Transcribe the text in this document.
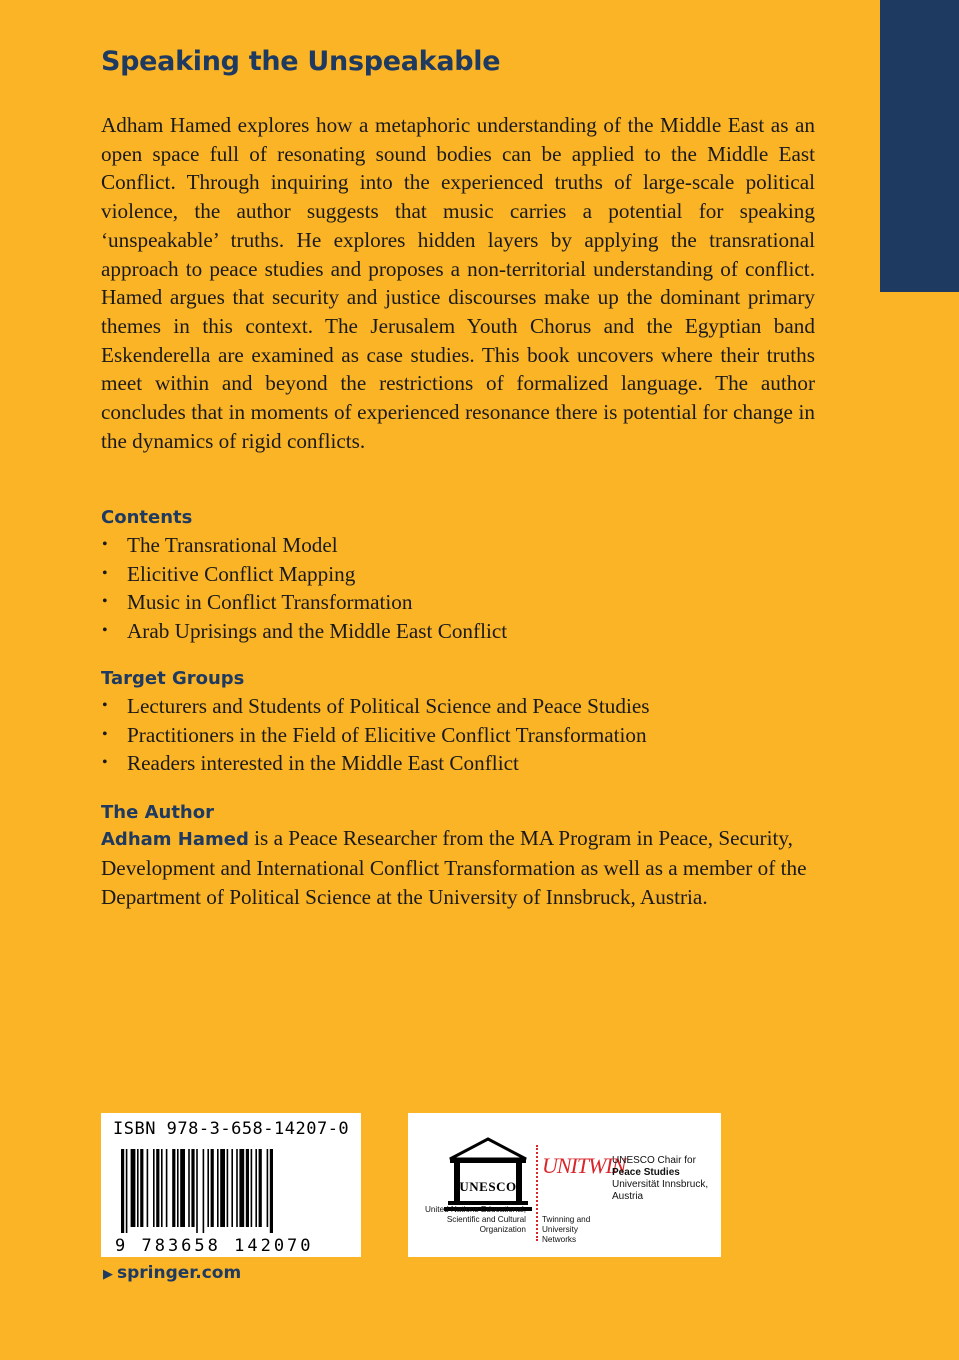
Speaking the Unspeakable

Adham Hamed explores how a metaphoric understanding of the Middle East as an open space full of resonating sound bodies can be applied to the Middle East Conflict. Through inquiring into the experienced truths of large-scale political violence, the author suggests that music carries a potential for speaking ‘unspeakable’ truths. He explores hidden layers by applying the transrational approach to peace studies and proposes a non-territorial understanding of conflict. Hamed argues that security and justice discourses make up the dominant primary themes in this context. The Jerusalem Youth Chorus and the Egyptian band Eskenderella are examined as case studies. This book uncovers where their truths meet within and beyond the restrictions of formalized language. The author concludes that in moments of experienced resonance there is potential for change in the dynamics of rigid conflicts.

Contents

• The Transrational Model
• Elicitive Conflict Mapping
• Music in Conflict Transformation
• Arab Uprisings and the Middle East Conflict

Target Groups

• Lecturers and Students of Political Science and Peace Studies
• Practitioners in the Field of Elicitive Conflict Transformation
• Readers interested in the Middle East Conflict

The Author

Adham Hamed is a Peace Researcher from the MA Program in Peace, Security, Development and International Conflict Transformation as well as a member of the Department of Political Science at the University of Innsbruck, Austria.

ISBN 978-3-658-14207-0
9 783658 142070
▶ springer.com
UNESCO
United Nations Educational, Scientific and Cultural Organization
UNITWIN
Twinning and University Networks
UNESCO Chair for
Peace Studies
Universität Innsbruck, Austria
